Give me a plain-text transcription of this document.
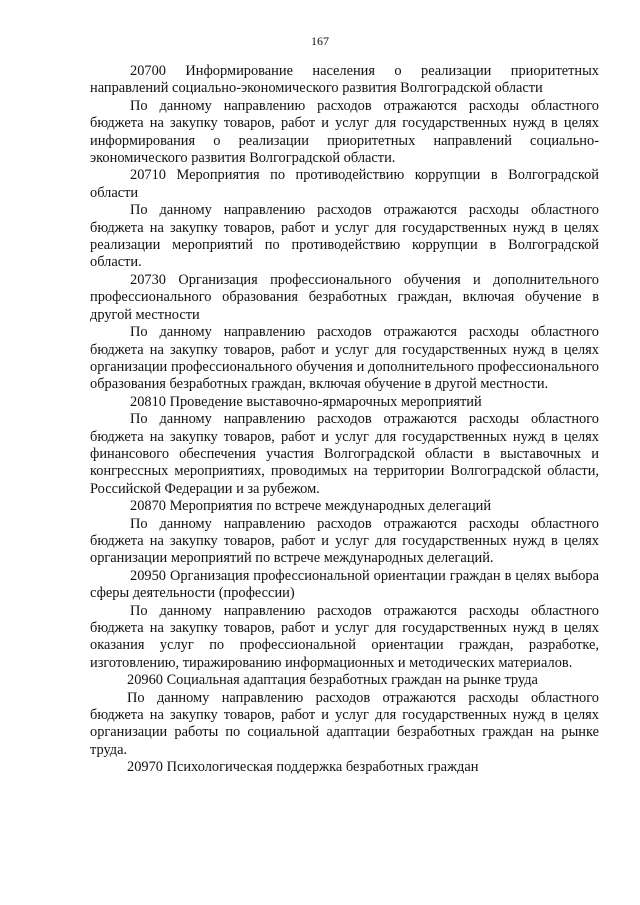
167

20700 Информирование населения о реализации приоритетных направлений социально-экономического развития Волгоградской области

По данному направлению расходов отражаются расходы областного бюджета на закупку товаров, работ и услуг для государственных нужд в целях информирования о реализации приоритетных направлений социально-экономического развития Волгоградской области.

20710 Мероприятия по противодействию коррупции в Волгоградской области

По данному направлению расходов отражаются расходы областного бюджета на закупку товаров, работ и услуг для государственных нужд в целях реализации мероприятий по противодействию коррупции в Волгоградской области.

20730 Организация профессионального обучения и дополнительного профессионального образования безработных граждан, включая обучение в другой местности

По данному направлению расходов отражаются расходы областного бюджета на закупку товаров, работ и услуг для государственных нужд в целях организации профессионального обучения и дополнительного профессионального образования безработных граждан, включая обучение в другой местности.

20810 Проведение выставочно-ярмарочных мероприятий

По данному направлению расходов отражаются расходы областного бюджета на закупку товаров, работ и услуг для государственных нужд в целях финансового обеспечения участия Волгоградской области в выставочных и конгрессных мероприятиях, проводимых на территории Волгоградской области, Российской Федерации и за рубежом.

20870 Мероприятия по встрече международных делегаций

По данному направлению расходов отражаются расходы областного бюджета на закупку товаров, работ и услуг для государственных нужд в целях организации мероприятий по встрече международных делегаций.

20950 Организация профессиональной ориентации граждан в целях выбора сферы деятельности (профессии)

По данному направлению расходов отражаются расходы областного бюджета на закупку товаров, работ и услуг для государственных нужд в целях оказания услуг по профессиональной ориентации граждан, разработке, изготовлению, тиражированию информационных и методических материалов.

20960 Социальная адаптация безработных граждан на рынке труда

По данному направлению расходов отражаются расходы областного бюджета на закупку товаров, работ и услуг для государственных нужд в целях организации работы по социальной адаптации безработных граждан на рынке труда.

20970 Психологическая поддержка безработных граждан
